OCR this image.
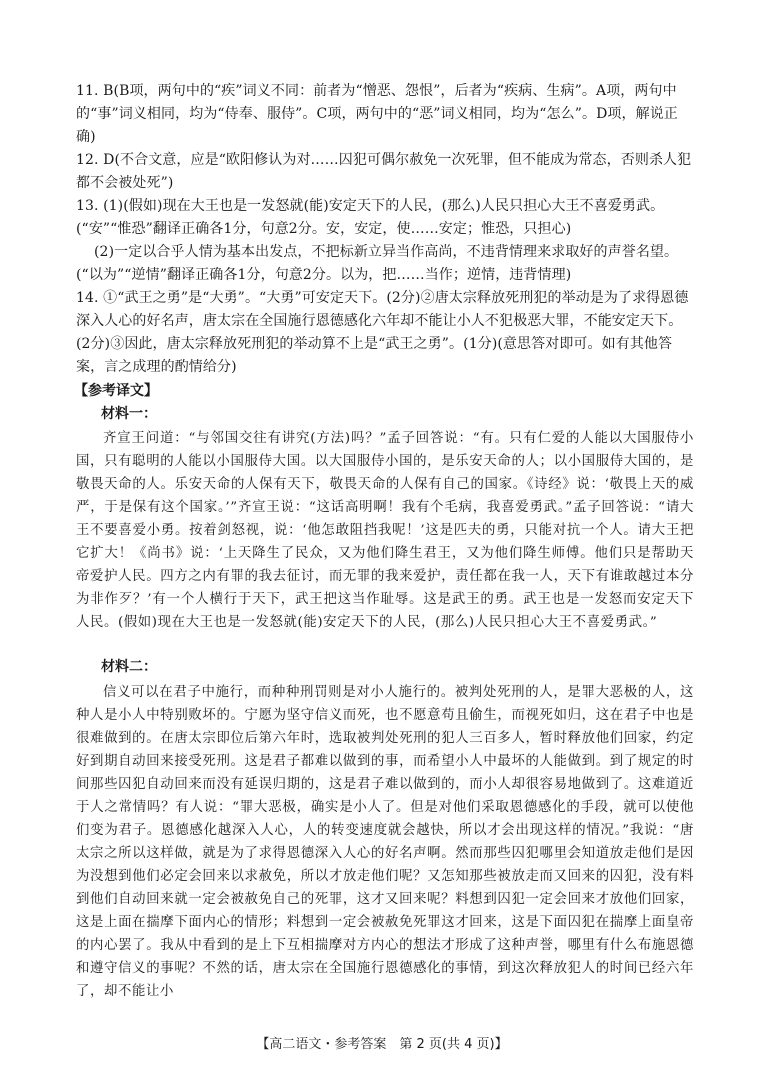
11. B(B项，两句中的“疾”词义不同：前者为“憎恶、怨恨”，后者为“疾病、生病”。A项，两句中的“事”词义相同，均为“侍奉、服侍”。C项，两句中的“恶”词义相同，均为“怎么”。D项，解说正确)

12. D(不合文意，应是“欧阳修认为对……囚犯可偶尔赦免一次死罪，但不能成为常态，否则杀人犯都不会被处死”)

13. (1)(假如)现在大王也是一发怒就(能)安定天下的人民，(那么)人民只担心大王不喜爱勇武。(“安”“惟恐”翻译正确各1分，句意2分。安，安定，使……安定；惟恐，只担心)

(2)一定以合乎人情为基本出发点，不把标新立异当作高尚，不违背情理来求取好的声誉名望。(“以为”“逆情”翻译正确各1分，句意2分。以为，把……当作；逆情，违背情理)

14. ①“武王之勇”是“大勇”。“大勇”可安定天下。(2分)②唐太宗释放死刑犯的举动是为了求得恩德深入人心的好名声，唐太宗在全国施行恩德感化六年却不能让小人不犯极恶大罪，不能安定天下。(2分)③因此，唐太宗释放死刑犯的举动算不上是“武王之勇”。(1分)(意思答对即可。如有其他答案，言之成理的酌情给分)

【参考译文】
材料一：

齐宣王问道：“与邻国交往有讲究(方法)吗？”孟子回答说：“有。只有仁爱的人能以大国服侍小国，只有聪明的人能以小国服侍大国。以大国服侍小国的，是乐安天命的人；以小国服侍大国的，是敬畏天命的人。乐安天命的人保有天下，敬畏天命的人保有自己的国家。《诗经》说：‘敬畏上天的威严，于是保有这个国家。’”齐宣王说：“这话高明啊！我有个毛病，我喜爱勇武。”孟子回答说：“请大王不要喜爱小勇。按着剑怒视，说：‘他怎敢阻挡我呢！’这是匹夫的勇，只能对抗一个人。请大王把它扩大！《尚书》说：‘上天降生了民众，又为他们降生君王，又为他们降生师傅。他们只是帮助天帝爱护人民。四方之内有罪的我去征讨，而无罪的我来爱护，责任都在我一人，天下有谁敢越过本分为非作歹？’有一个人横行于天下，武王把这当作耻辱。这是武王的勇。武王也是一发怒而安定天下人民。(假如)现在大王也是一发怒就(能)安定天下的人民，(那么)人民只担心大王不喜爱勇武。”

材料二：

信义可以在君子中施行，而种种刑罚则是对小人施行的。被判处死刑的人，是罪大恶极的人，这种人是小人中特别败坏的。宁愿为坚守信义而死，也不愿意苟且偷生，而视死如归，这在君子中也是很难做到的。在唐太宗即位后第六年时，选取被判处死刑的犯人三百多人，暂时释放他们回家，约定好到期自动回来接受死刑。这是君子都难以做到的事，而希望小人中最坏的人能做到。到了规定的时间那些囚犯自动回来而没有延误归期的，这是君子难以做到的，而小人却很容易地做到了。这难道近于人之常情吗？有人说：“罪大恶极，确实是小人了。但是对他们采取恩德感化的手段，就可以使他们变为君子。恩德感化越深入人心，人的转变速度就会越快，所以才会出现这样的情况。”我说：“唐太宗之所以这样做，就是为了求得恩德深入人心的好名声啊。然而那些囚犯哪里会知道放走他们是因为没想到他们必定会回来以求赦免，所以才放走他们呢？又怎知那些被放走而又回来的囚犯，没有料到他们自动回来就一定会被赦免自己的死罪，这才又回来呢？料想到囚犯一定会回来才放他们回家，这是上面在揣摩下面内心的情形；料想到一定会被赦免死罪这才回来，这是下面囚犯在揣摩上面皇帝的内心罢了。我从中看到的是上下互相揣摩对方内心的想法才形成了这种声誉，哪里有什么布施恩德和遵守信义的事呢？不然的话，唐太宗在全国施行恩德感化的事情，到这次释放犯人的时间已经六年了，却不能让小

【高二语文・参考答案　第 2 页(共 4 页)】
